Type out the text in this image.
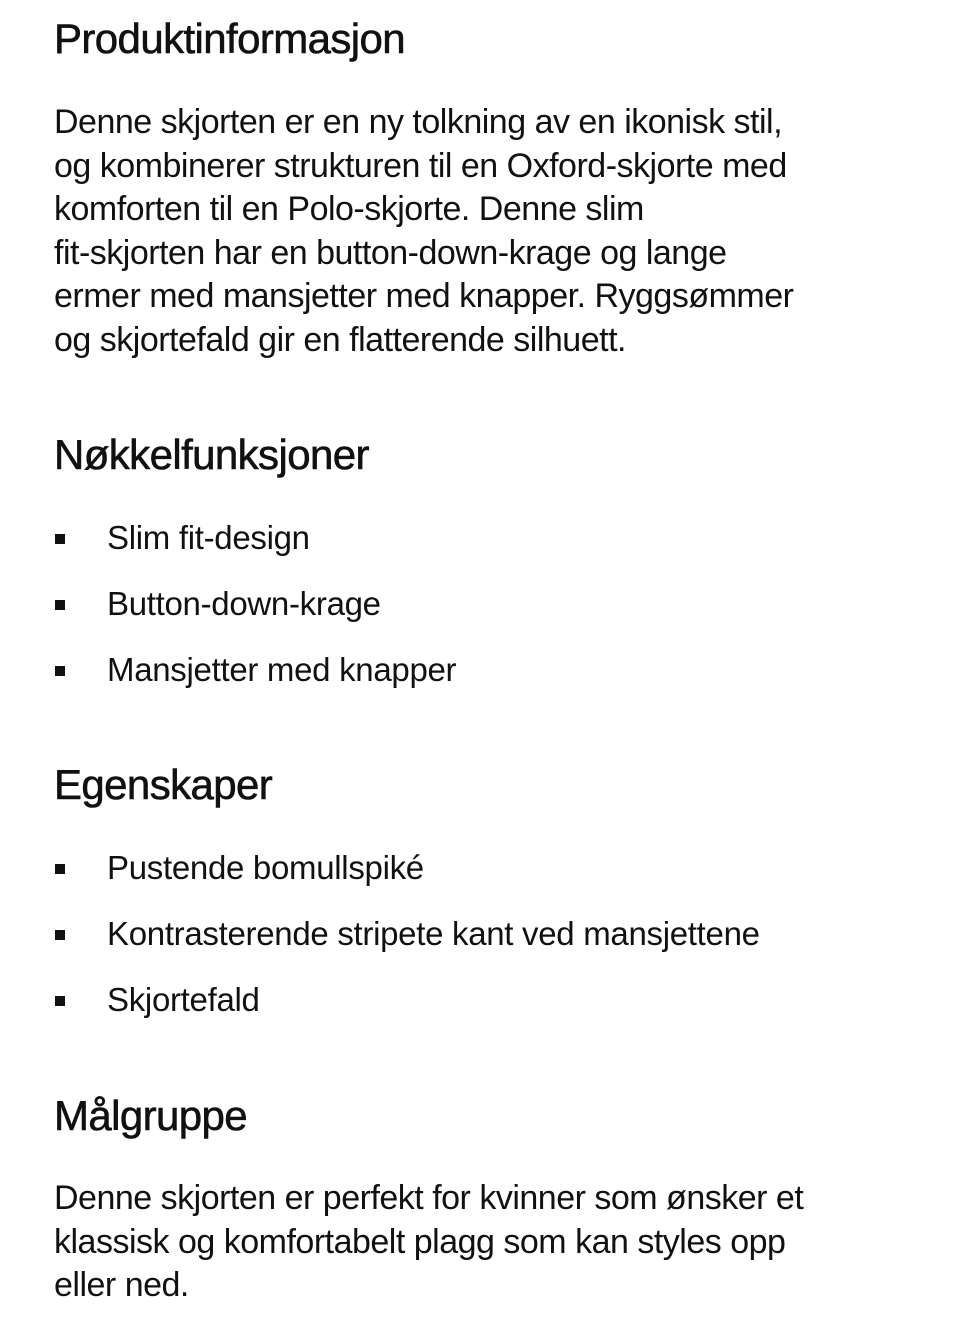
Produktinformasjon

Denne skjorten er en ny tolkning av en ikonisk stil,
og kombinerer strukturen til en Oxford-skjorte med
komforten til en Polo-skjorte. Denne slim
fit-skjorten har en button-down-krage og lange
ermer med mansjetter med knapper. Ryggsømmer
og skjortefald gir en flatterende silhuett.

Nøkkelfunksjoner
Slim fit-design
Button-down-krage
Mansjetter med knapper
Egenskaper
Pustende bomullspiké
Kontrasterende stripete kant ved mansjettene
Skjortefald
Målgruppe

Denne skjorten er perfekt for kvinner som ønsker et
klassisk og komfortabelt plagg som kan styles opp
eller ned.
